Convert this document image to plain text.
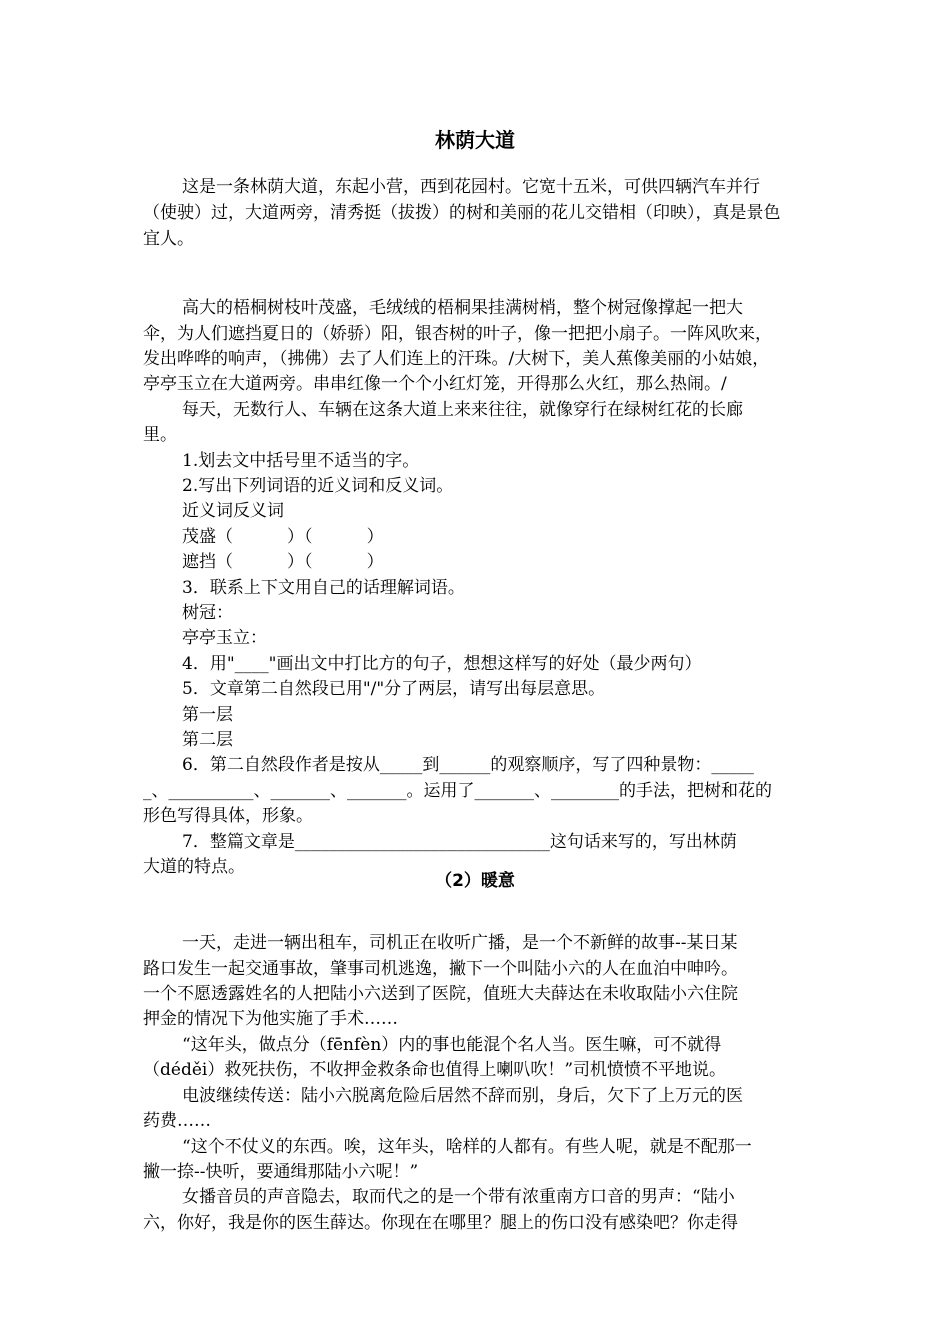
林荫大道
这是一条林荫大道，东起小营，西到花园村。它宽十五米，可供四辆汽车并行
（使驶）过，大道两旁，清秀挺（拔拨）的树和美丽的花儿交错相（印映），真是景色
宜人。
高大的梧桐树枝叶茂盛，毛绒绒的梧桐果挂满树梢，整个树冠像撑起一把大
伞，为人们遮挡夏日的（娇骄）阳，银杏树的叶子，像一把把小扇子。一阵风吹来，
发出哗哗的响声，（拂佛）去了人们连上的汗珠。/大树下，美人蕉像美丽的小姑娘，
亭亭玉立在大道两旁。串串红像一个个小红灯笼，开得那么火红，那么热闹。/
每天，无数行人、车辆在这条大道上来来往往，就像穿行在绿树红花的长廊
里。
1.划去文中括号里不适当的字。
2.写出下列词语的近义词和反义词。
近义词反义词
茂盛（          ）（          ）
遮挡（          ）（          ）
3．联系上下文用自己的话理解词语。
树冠：
亭亭玉立：
4．用"____"画出文中打比方的句子，想想这样写的好处（最少两句）
5．文章第二自然段已用"/"分了两层，请写出每层意思。
第一层
第二层
6．第二自然段作者是按从_____到______的观察顺序，写了四种景物：_____
_、__________、_______、_______。运用了_______、________的手法，把树和花的
形色写得具体，形象。
7．整篇文章是______________________________这句话来写的，写出林荫
大道的特点。
（2）暖意
一天，走进一辆出租车，司机正在收听广播，是一个不新鲜的故事--某日某
路口发生一起交通事故，肇事司机逃逸，撇下一个叫陆小六的人在血泊中呻吟。
一个不愿透露姓名的人把陆小六送到了医院，值班大夫薛达在未收取陆小六住院
押金的情况下为他实施了手术……
“这年头，做点分（fēnfèn）内的事也能混个名人当。医生嘛，可不就得
（déděi）救死扶伤，不收押金救条命也值得上喇叭吹！”司机愤愤不平地说。
电波继续传送：陆小六脱离危险后居然不辞而别，身后，欠下了上万元的医
药费……
“这个不仗义的东西。唉，这年头，啥样的人都有。有些人呢，就是不配那一
撇一捺--快听，要通缉那陆小六呢！”
女播音员的声音隐去，取而代之的是一个带有浓重南方口音的男声：“陆小
六，你好，我是你的医生薛达。你现在在哪里？腿上的伤口没有感染吧？你走得
